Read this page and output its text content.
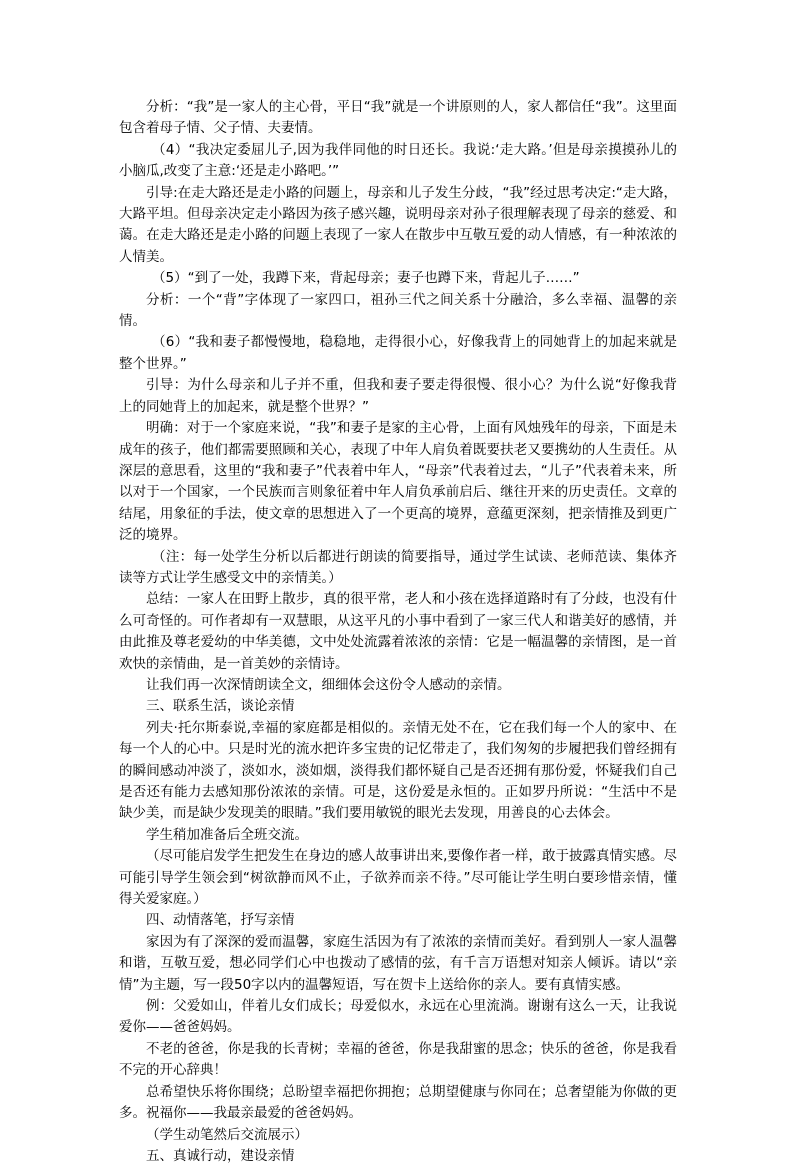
分析：“我”是一家人的主心骨，平日“我”就是一个讲原则的人，家人都信任“我”。这里面包含着母子情、父子情、夫妻情。

（4）“我决定委屈儿子,因为我伴同他的时日还长。我说:‘走大路。’但是母亲摸摸孙儿的小脑瓜,改变了主意:‘还是走小路吧。’”

引导:在走大路还是走小路的问题上，母亲和儿子发生分歧，“我”经过思考决定:“走大路，大路平坦。但母亲决定走小路因为孩子感兴趣，说明母亲对孙子很理解表现了母亲的慈爱、和蔼。在走大路还是走小路的问题上表现了一家人在散步中互敬互爱的动人情感，有一种浓浓的人情美。

（5）“到了一处，我蹲下来，背起母亲；妻子也蹲下来，背起儿子……”

分析：一个“背”字体现了一家四口，祖孙三代之间关系十分融洽，多么幸福、温馨的亲情。

（6）“我和妻子都慢慢地，稳稳地，走得很小心，好像我背上的同她背上的加起来就是整个世界。”

引导：为什么母亲和儿子并不重，但我和妻子要走得很慢、很小心？为什么说“好像我背上的同她背上的加起来，就是整个世界？”

明确：对于一个家庭来说，“我”和妻子是家的主心骨，上面有风烛残年的母亲，下面是未成年的孩子，他们都需要照顾和关心，表现了中年人肩负着既要扶老又要携幼的人生责任。从深层的意思看，这里的“我和妻子”代表着中年人，“母亲”代表着过去，“儿子”代表着未来，所以对于一个国家，一个民族而言则象征着中年人肩负承前启后、继往开来的历史责任。文章的结尾，用象征的手法，使文章的思想进入了一个更高的境界，意蕴更深刻，把亲情推及到更广泛的境界。

（注：每一处学生分析以后都进行朗读的简要指导，通过学生试读、老师范读、集体齐读等方式让学生感受文中的亲情美。）

总结：一家人在田野上散步，真的很平常，老人和小孩在选择道路时有了分歧，也没有什么可奇怪的。可作者却有一双慧眼，从这平凡的小事中看到了一家三代人和谐美好的感情，并由此推及尊老爱幼的中华美德，文中处处流露着浓浓的亲情：它是一幅温馨的亲情图，是一首欢快的亲情曲，是一首美妙的亲情诗。

让我们再一次深情朗读全文，细细体会这份令人感动的亲情。

三、联系生活，谈论亲情

列夫·托尔斯泰说,幸福的家庭都是相似的。亲情无处不在，它在我们每一个人的家中、在每一个人的心中。只是时光的流水把许多宝贵的记忆带走了，我们匆匆的步履把我们曾经拥有的瞬间感动冲淡了，淡如水，淡如烟，淡得我们都怀疑自己是否还拥有那份爱，怀疑我们自己是否还有能力去感知那份浓浓的亲情。可是，这份爱是永恒的。正如罗丹所说：“生活中不是缺少美，而是缺少发现美的眼睛。”我们要用敏锐的眼光去发现，用善良的心去体会。

学生稍加准备后全班交流。

（尽可能启发学生把发生在身边的感人故事讲出来,要像作者一样，敢于披露真情实感。尽可能引导学生领会到“树欲静而风不止，子欲养而亲不待。”尽可能让学生明白要珍惜亲情，懂得关爱家庭。）

四、动情落笔，抒写亲情

家因为有了深深的爱而温馨，家庭生活因为有了浓浓的亲情而美好。看到别人一家人温馨和谐，互敬互爱，想必同学们心中也拨动了感情的弦，有千言万语想对知亲人倾诉。请以“亲情”为主题，写一段50字以内的温馨短语，写在贺卡上送给你的亲人。要有真情实感。

例：父爱如山，伴着儿女们成长；母爱似水，永远在心里流淌。谢谢有这么一天，让我说爱你——爸爸妈妈。

不老的爸爸，你是我的长青树；幸福的爸爸，你是我甜蜜的思念；快乐的爸爸，你是我看不完的开心辞典！

总希望快乐将你围绕；总盼望幸福把你拥抱；总期望健康与你同在；总奢望能为你做的更多。祝福你——我最亲最爱的爸爸妈妈。

（学生动笔然后交流展示）

五、真诚行动，建设亲情
